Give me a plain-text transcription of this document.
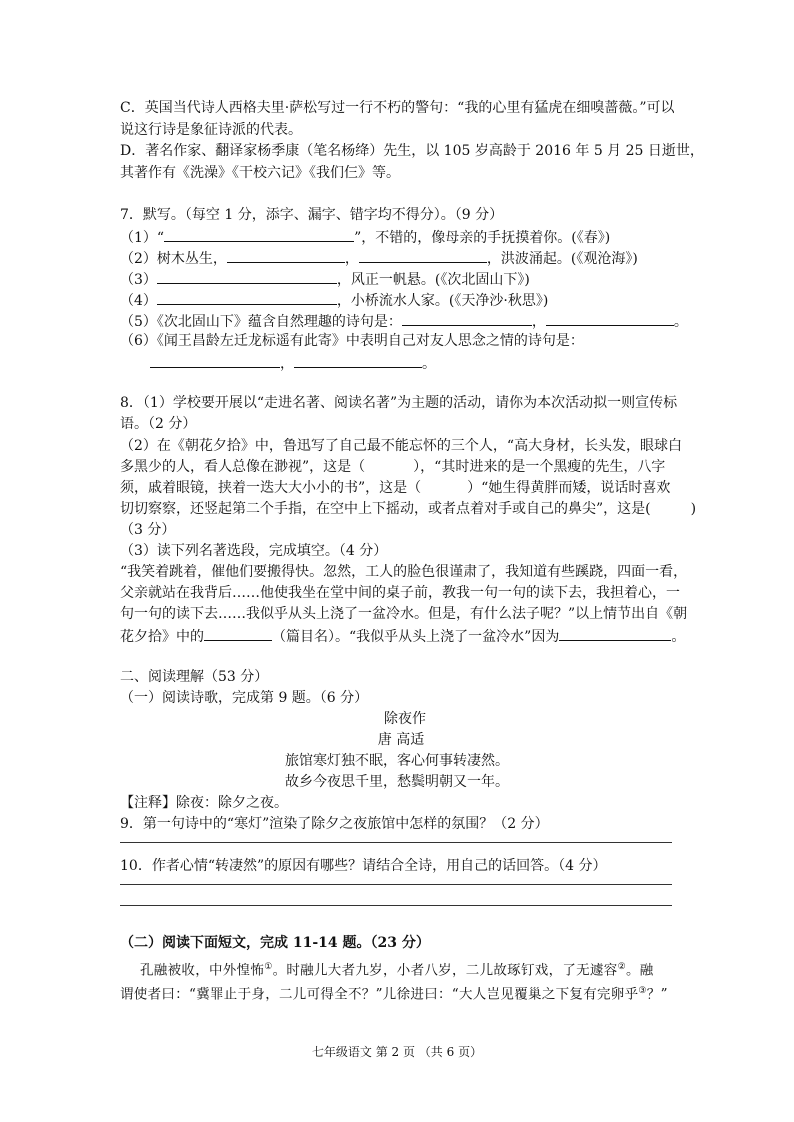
C．英国当代诗人西格夫里·萨松写过一行不朽的警句：“我的心里有猛虎在细嗅蔷薇。”可以
说这行诗是象征诗派的代表。
D．著名作家、翻译家杨季康（笔名杨绛）先生，以 105 岁高龄于 2016 年 5 月 25 日逝世，
其著作有《洗澡》《干校六记》《我们仨》等。
7．默写。（每空 1 分，添字、漏字、错字均不得分）。（9 分）
（1）“	”，不错的，像母亲的手抚摸着你。(《春》)
（2）树木丛生，	，	，洪波涌起。(《观沧海》)
（3）	，风正一帆悬。(《次北固山下》)
（4）	，小桥流水人家。(《天净沙·秋思》)
（5）《次北固山下》蕴含自然理趣的诗句是：	，	。
（6）《闻王昌龄左迁龙标遥有此寄》中表明自己对友人思念之情的诗句是：
，	。
8．（1）学校要开展以“走进名著、阅读名著”为主题的活动，请你为本次活动拟一则宣传标
语。（2 分）
（2）在《朝花夕拾》中，鲁迅写了自己最不能忘怀的三个人，“高大身材，长头发，眼球白
多黑少的人，看人总像在渺视”，这是（	），“其时进来的是一个黑瘦的先生，八字
须，戚着眼镜，挟着一迭大大小小的书”，这是（	）“她生得黄胖而矮，说话时喜欢
切切察察，还竖起第二个手指，在空中上下摇动，或者点着对手或自己的鼻尖”，这是(	)
（3 分）
（3）读下列名著选段，完成填空。（4 分）
“我笑着跳着，催他们要搬得快。忽然，工人的脸色很谨肃了，我知道有些蹊跷，四面一看，
父亲就站在我背后……他使我坐在堂中间的桌子前，教我一句一句的读下去，我担着心，一
句一句的读下去……我似乎从头上浇了一盆冷水。但是，有什么法子呢？”以上情节出自《朝
花夕拾》中的	（篇目名）。“我似乎从头上浇了一盆冷水”因为	。
二、阅读理解（53 分）
（一）阅读诗歌，完成第 9 题。（6 分）
除夜作
唐 高适
旅馆寒灯独不眠，客心何事转凄然。
故乡今夜思千里，愁鬓明朝又一年。
【注释】除夜：除夕之夜。
9．第一句诗中的“寒灯”渲染了除夕之夜旅馆中怎样的氛围？（2 分）
10．作者心情“转凄然”的原因有哪些？请结合全诗，用自己的话回答。（4 分）
（二）阅读下面短文，完成 11-14 题。（23 分）
孔融被收，中外惶怖①。时融儿大者九岁，小者八岁，二儿故琢钉戏，了无遽容②。融
谓使者曰：“冀罪止于身，二儿可得全不？”儿徐进曰：“大人岂见覆巢之下复有完卵乎③？”
七年级语文 第 2 页 （共 6 页）
